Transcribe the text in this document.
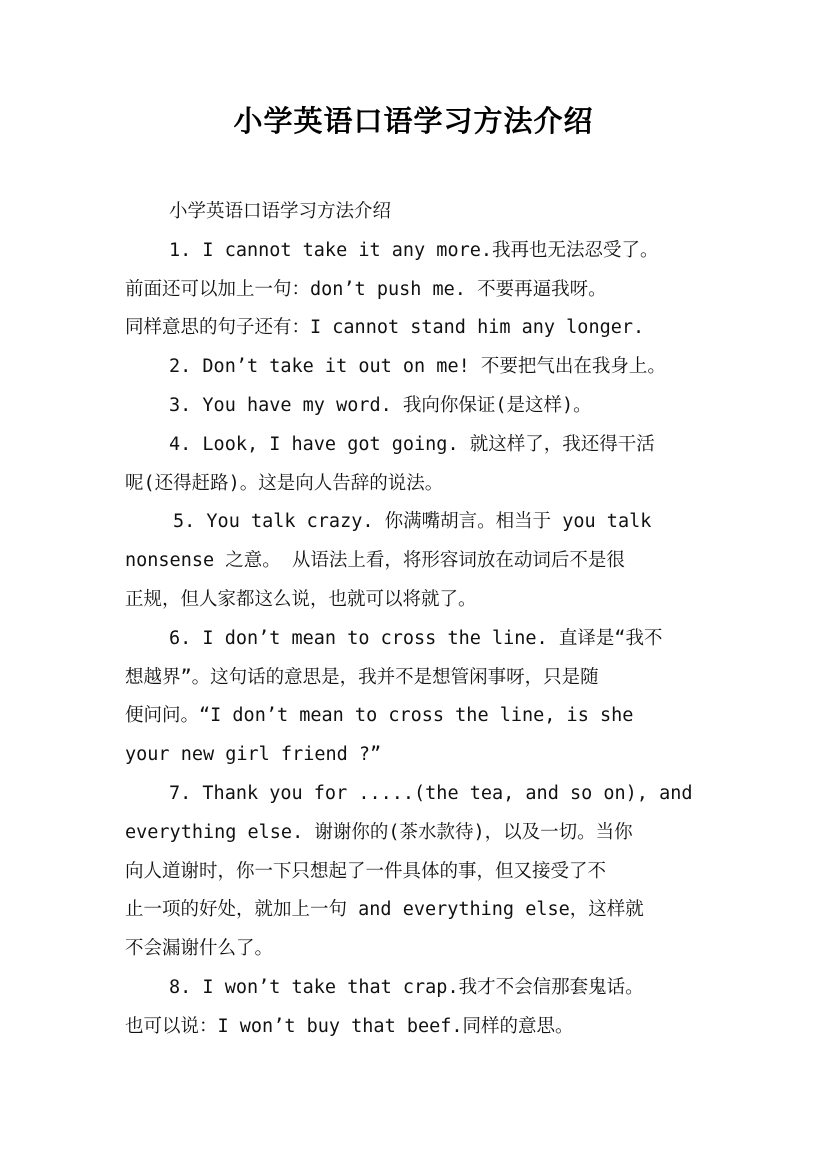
小学英语口语学习方法介绍
小学英语口语学习方法介绍
1. I cannot take it any more.我再也无法忍受了。
前面还可以加上一句：don’t push me. 不要再逼我呀。
同样意思的句子还有：I cannot stand him any longer.
2. Don’t take it out on me! 不要把气出在我身上。
3. You have my word. 我向你保证(是这样)。
4. Look, I have got going. 就这样了，我还得干活
呢(还得赶路)。这是向人告辞的说法。
5. You talk crazy. 你满嘴胡言。相当于 you talk
nonsense 之意。 从语法上看，将形容词放在动词后不是很
正规，但人家都这么说，也就可以将就了。
6. I don’t mean to cross the line. 直译是“我不
想越界”。这句话的意思是，我并不是想管闲事呀，只是随
便问问。“I don’t mean to cross the line, is she
your new girl friend ?”
7. Thank you for .....(the tea, and so on), and
everything else. 谢谢你的(茶水款待)，以及一切。当你
向人道谢时，你一下只想起了一件具体的事，但又接受了不
止一项的好处，就加上一句 and everything else，这样就
不会漏谢什么了。
8. I won’t take that crap.我才不会信那套鬼话。
也可以说：I won’t buy that beef.同样的意思。
